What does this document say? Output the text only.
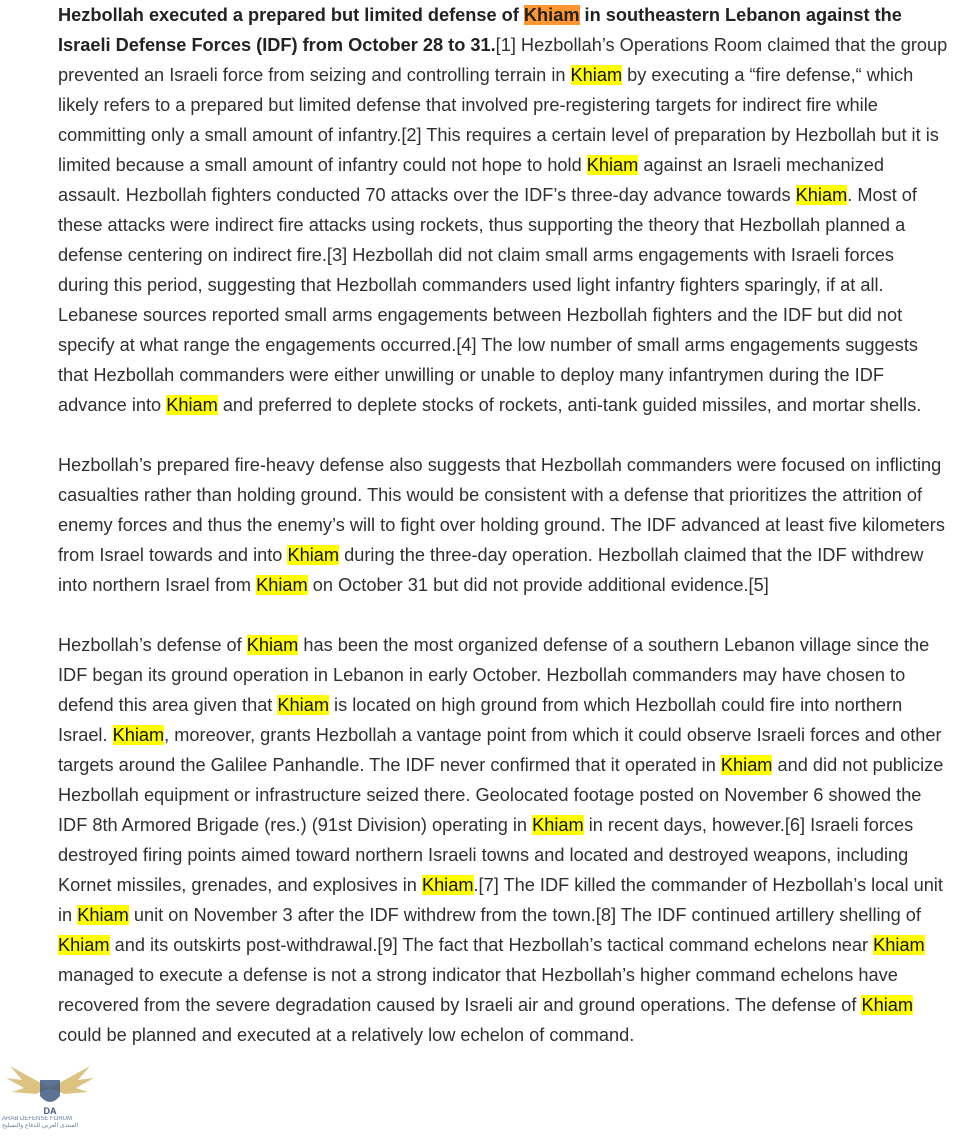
Hezbollah executed a prepared but limited defense of Khiam in southeastern Lebanon against the Israeli Defense Forces (IDF) from October 28 to 31.[1] Hezbollah’s Operations Room claimed that the group prevented an Israeli force from seizing and controlling terrain in Khiam by executing a “fire defense,“ which likely refers to a prepared but limited defense that involved pre-registering targets for indirect fire while committing only a small amount of infantry.[2] This requires a certain level of preparation by Hezbollah but it is limited because a small amount of infantry could not hope to hold Khiam against an Israeli mechanized assault. Hezbollah fighters conducted 70 attacks over the IDF’s three-day advance towards Khiam. Most of these attacks were indirect fire attacks using rockets, thus supporting the theory that Hezbollah planned a defense centering on indirect fire.[3] Hezbollah did not claim small arms engagements with Israeli forces during this period, suggesting that Hezbollah commanders used light infantry fighters sparingly, if at all. Lebanese sources reported small arms engagements between Hezbollah fighters and the IDF but did not specify at what range the engagements occurred.[4] The low number of small arms engagements suggests that Hezbollah commanders were either unwilling or unable to deploy many infantrymen during the IDF advance into Khiam and preferred to deplete stocks of rockets, anti-tank guided missiles, and mortar shells.

Hezbollah’s prepared fire-heavy defense also suggests that Hezbollah commanders were focused on inflicting casualties rather than holding ground. This would be consistent with a defense that prioritizes the attrition of enemy forces and thus the enemy’s will to fight over holding ground. The IDF advanced at least five kilometers from Israel towards and into Khiam during the three-day operation. Hezbollah claimed that the IDF withdrew into northern Israel from Khiam on October 31 but did not provide additional evidence.[5]

Hezbollah’s defense of Khiam has been the most organized defense of a southern Lebanon village since the IDF began its ground operation in Lebanon in early October. Hezbollah commanders may have chosen to defend this area given that Khiam is located on high ground from which Hezbollah could fire into northern Israel. Khiam, moreover, grants Hezbollah a vantage point from which it could observe Israeli forces and other targets around the Galilee Panhandle. The IDF never confirmed that it operated in Khiam and did not publicize Hezbollah equipment or infrastructure seized there. Geolocated footage posted on November 6 showed the IDF 8th Armored Brigade (res.) (91st Division) operating in Khiam in recent days, however.[6] Israeli forces destroyed firing points aimed toward northern Israeli towns and located and destroyed weapons, including Kornet missiles, grenades, and explosives in Khiam.[7] The IDF killed the commander of Hezbollah’s local unit in Khiam unit on November 3 after the IDF withdrew from the town.[8] The IDF continued artillery shelling of Khiam and its outskirts post-withdrawal.[9] The fact that Hezbollah’s tactical command echelons near Khiam managed to execute a defense is not a strong indicator that Hezbollah’s higher command echelons have recovered from the severe degradation caused by Israeli air and ground operations. The defense of Khiam could be planned and executed at a relatively low echelon of command.

DA
ARAB DEFENSE FORUM
المنتدى العربي للدفاع والتسليح
